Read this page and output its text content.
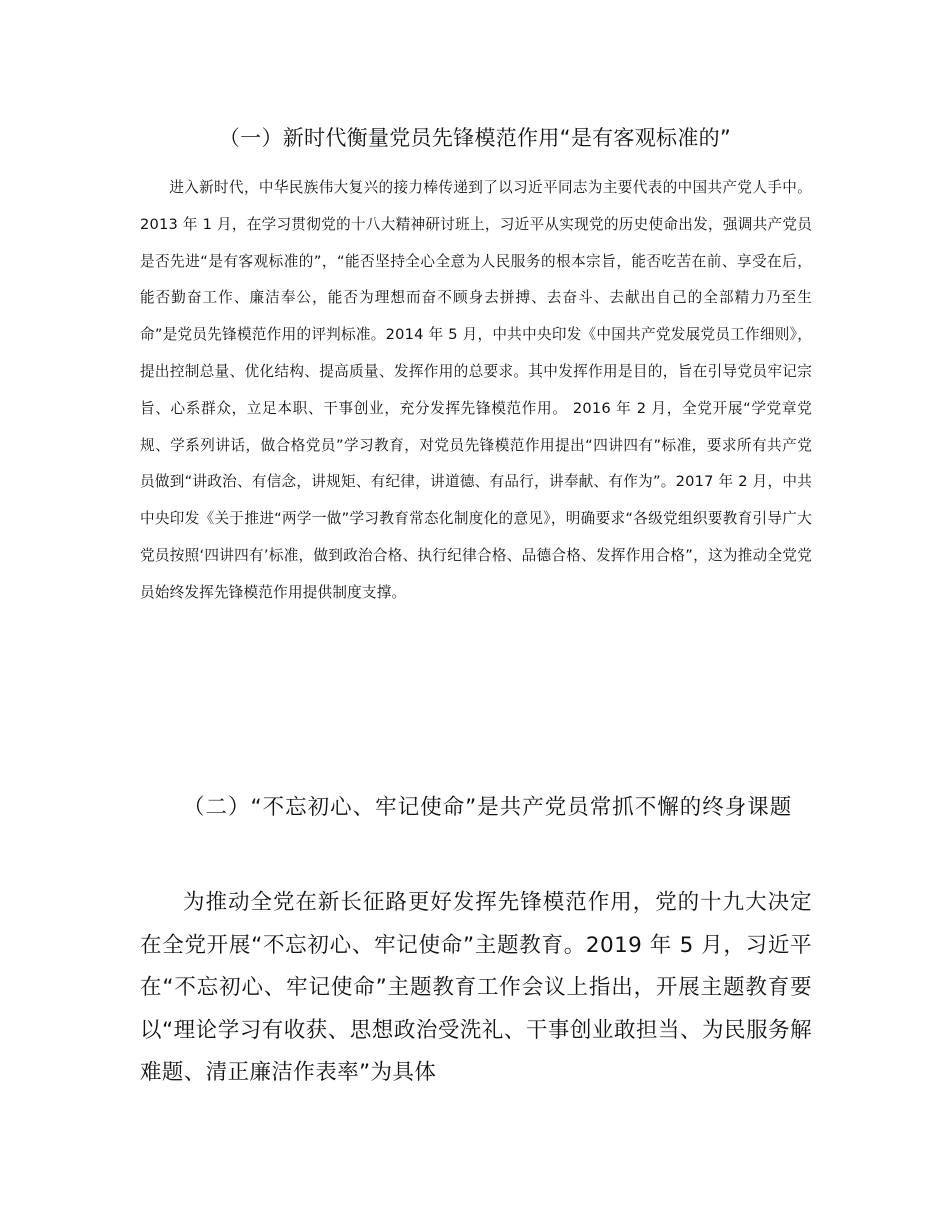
（一）新时代衡量党员先锋模范作用“是有客观标准的”

进入新时代，中华民族伟大复兴的接力棒传递到了以习近平同志为主要代表的中国共产党人手中。2013 年 1 月，在学习贯彻党的十八大精神研讨班上，习近平从实现党的历史使命出发，强调共产党员是否先进“是有客观标准的”，“能否坚持全心全意为人民服务的根本宗旨，能否吃苦在前、享受在后，能否勤奋工作、廉洁奉公，能否为理想而奋不顾身去拼搏、去奋斗、去献出自己的全部精力乃至生命”是党员先锋模范作用的评判标准。2014 年 5 月，中共中央印发《中国共产党发展党员工作细则》，提出控制总量、优化结构、提高质量、发挥作用的总要求。其中发挥作用是目的，旨在引导党员牢记宗旨、心系群众，立足本职、干事创业，充分发挥先锋模范作用。 2016 年 2 月，全党开展“学党章党规、学系列讲话，做合格党员”学习教育，对党员先锋模范作用提出“四讲四有”标准，要求所有共产党员做到“讲政治、有信念，讲规矩、有纪律，讲道德、有品行，讲奉献、有作为”。2017 年 2 月，中共中央印发《关于推进“两学一做”学习教育常态化制度化的意见》，明确要求“各级党组织要教育引导广大党员按照‘四讲四有’标准，做到政治合格、执行纪律合格、品德合格、发挥作用合格”，这为推动全党党员始终发挥先锋模范作用提供制度支撑。

（二）“不忘初心、牢记使命”是共产党员常抓不懈的终身课题

为推动全党在新长征路更好发挥先锋模范作用，党的十九大决定在全党开展“不忘初心、牢记使命”主题教育。2019 年 5 月，习近平在“不忘初心、牢记使命”主题教育工作会议上指出，开展主题教育要以“理论学习有收获、思想政治受洗礼、干事创业敢担当、为民服务解难题、清正廉洁作表率”为具体
